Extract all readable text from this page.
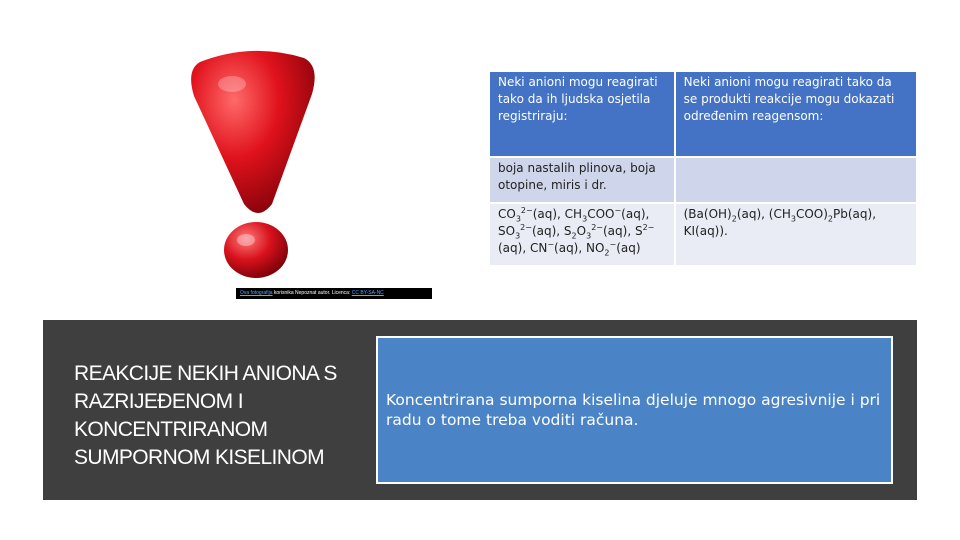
Ova fotografija korisnika Nepoznat autor. Licenca: CC BY-SA-NC
Neki anioni mogu reagirati tako da ih ljudska osjetila registriraju:	Neki anioni mogu reagirati tako da se produkti reakcije mogu dokazati određenim reagensom:
boja nastalih plinova, boja otopine, miris i dr.	
$CO_3^{2-}(aq)$, $CH_3COO^-(aq)$, $SO_3^{2-}(aq)$, $S_2O_3^{2-}(aq)$, $S^{2-}(aq)$, CN−(aq), $NO_2^-(aq)$	($Ba(OH)_2(aq)$, $(CH_3COO)_2Pb(aq)$, KI(aq)).
REAKCIJE NEKIH ANIONA S RAZRIJEĐENOM I KONCENTRIRANOM SUMPORNOM KISELINOM
Koncentrirana sumporna kiselina djeluje mnogo agresivnije i pri radu o tome treba voditi računa.
